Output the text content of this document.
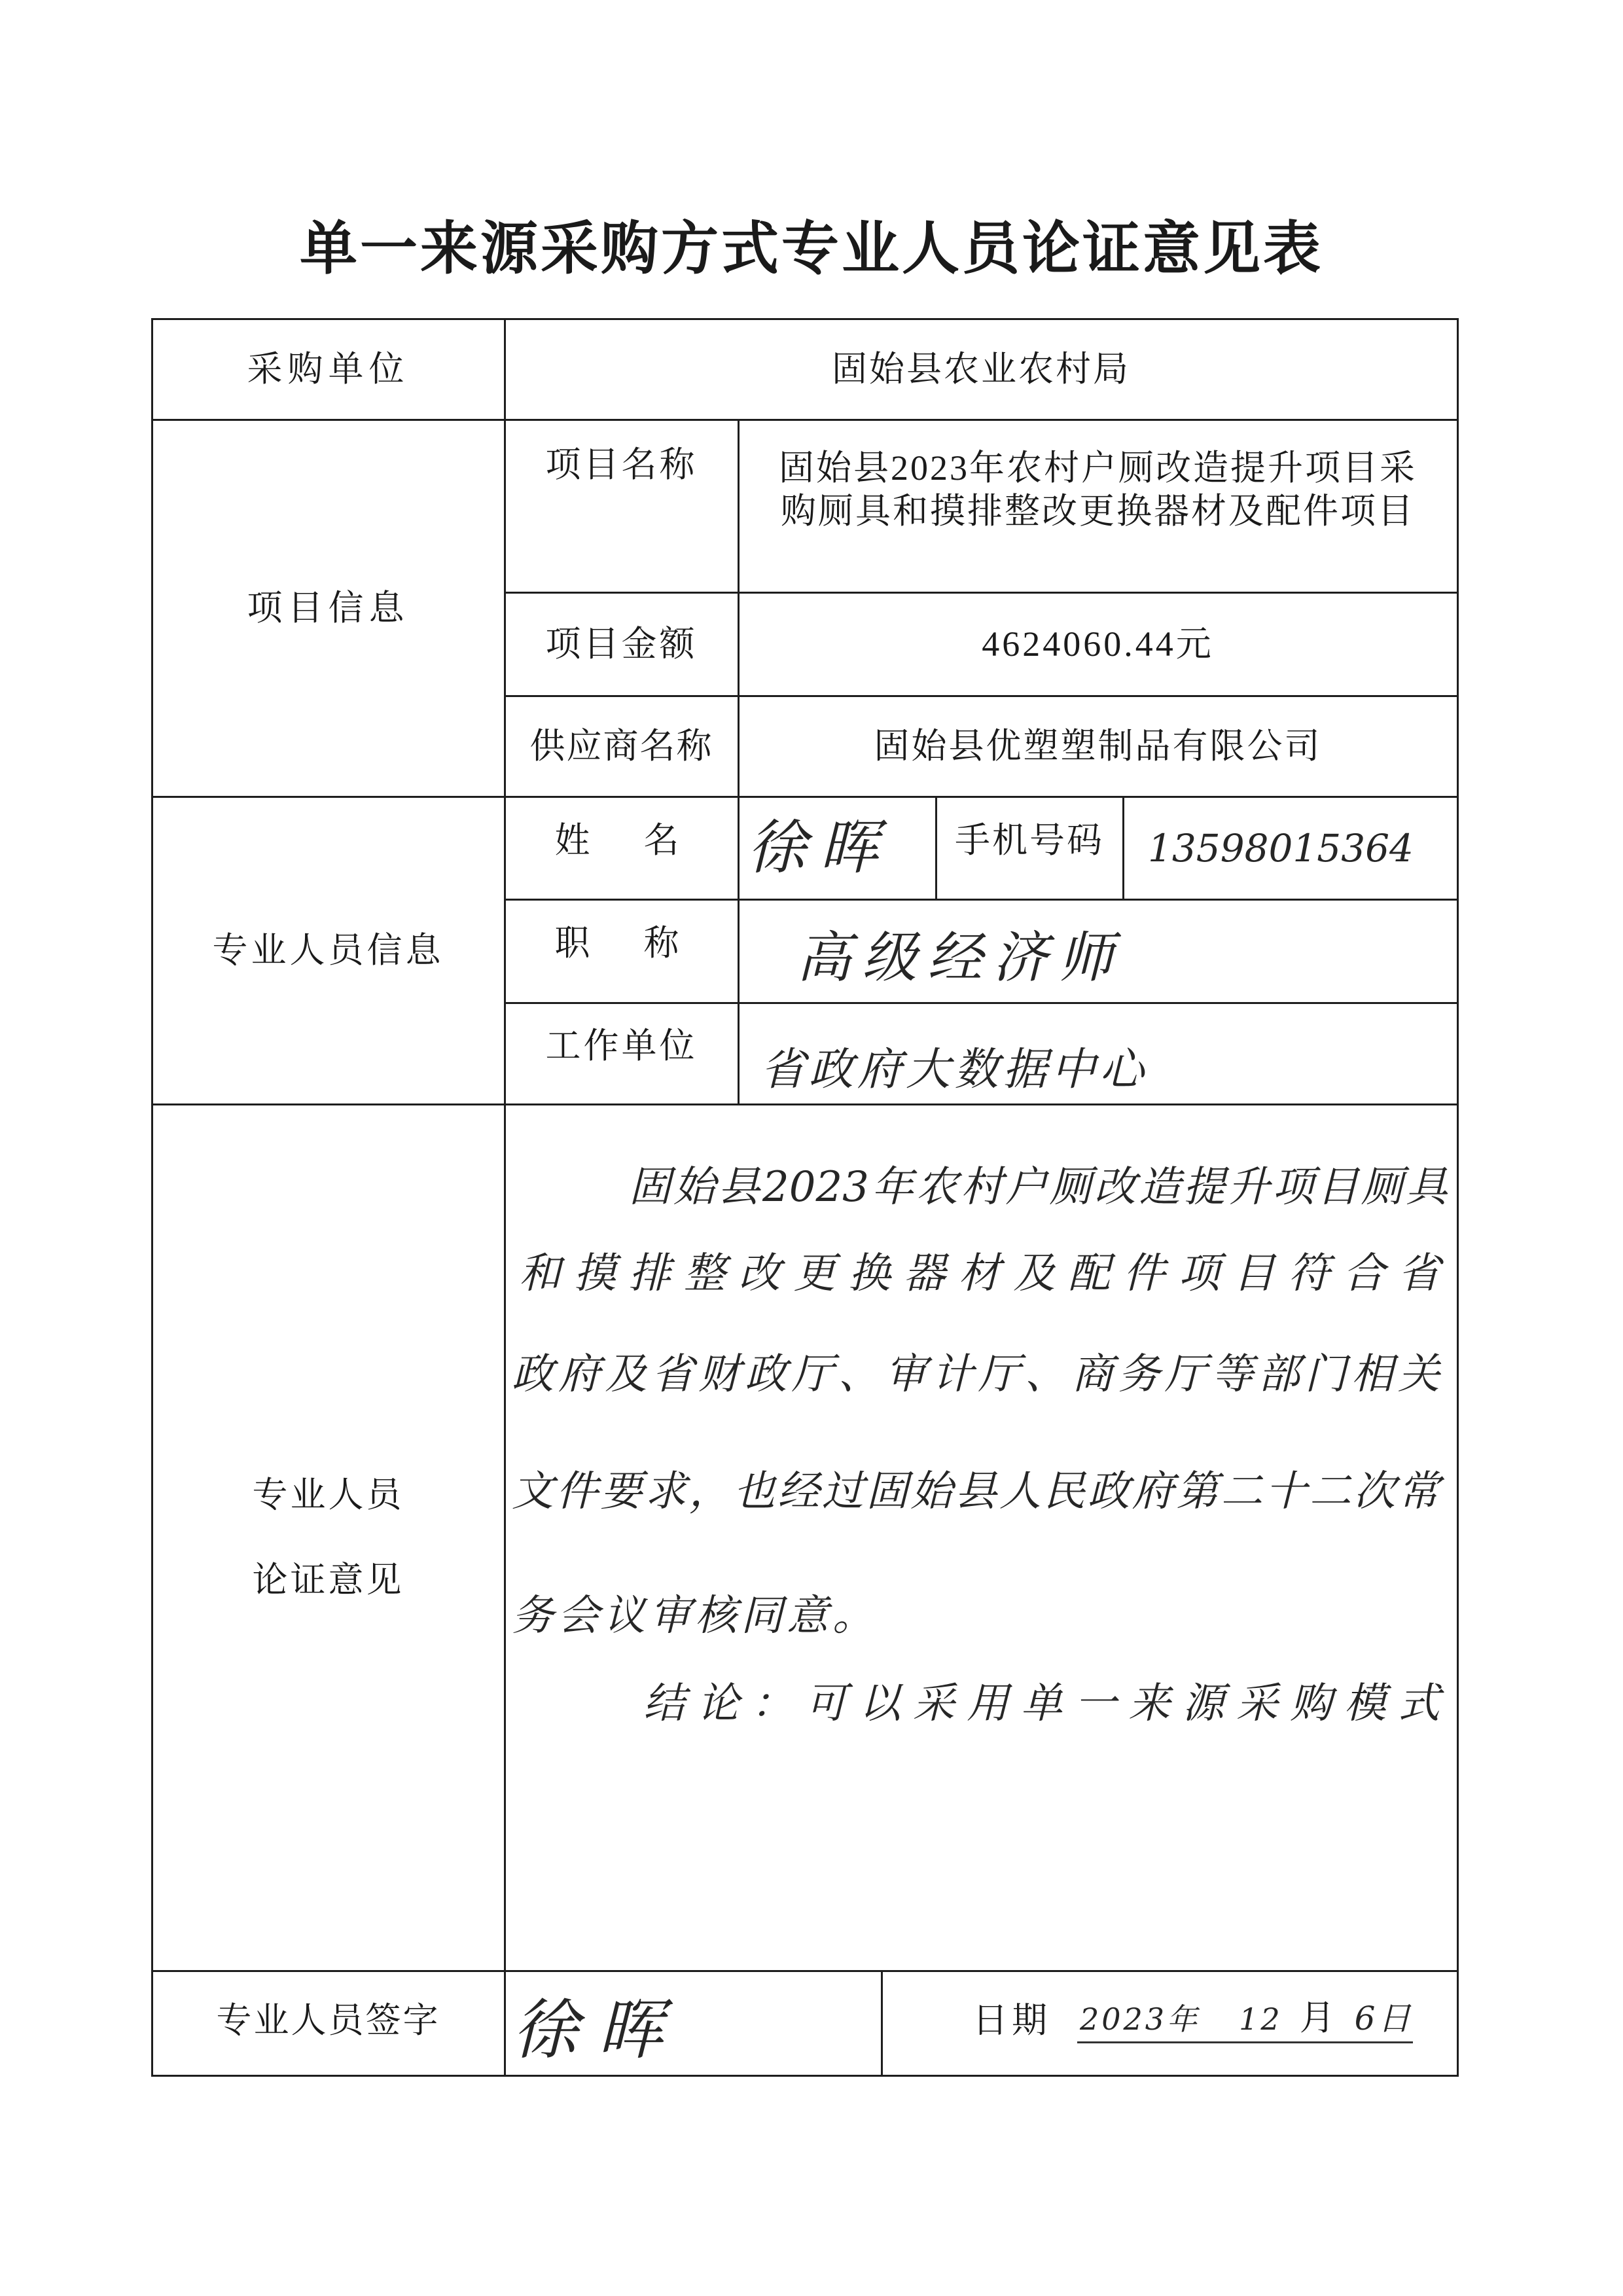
单一来源采购方式专业人员论证意见表
采购单位	固始县农业农村局
项目信息
项目名称	固始县2023年农村户厕改造提升项目采
购厕具和摸排整改更换器材及配件项目
项目金额	4624060.44元
供应商名称	固始县优塑塑制品有限公司
专业人员信息
姓　名	徐晖	手机号码	13598015364
职　称	高级经济师
工作单位	省政府大数据中心
专业人员
论证意见
固始县2023年农村户厕改造提升项目厕具
和摸排整改更换器材及配件项目符合省
政府及省财政厅、审计厅、商务厅等部门相关
文件要求，也经过固始县人民政府第二十二次常
务会议审核同意。
结论：可以采用单一来源采购模式
专业人员签字	徐晖	日期 2023年 12 月 6 日
